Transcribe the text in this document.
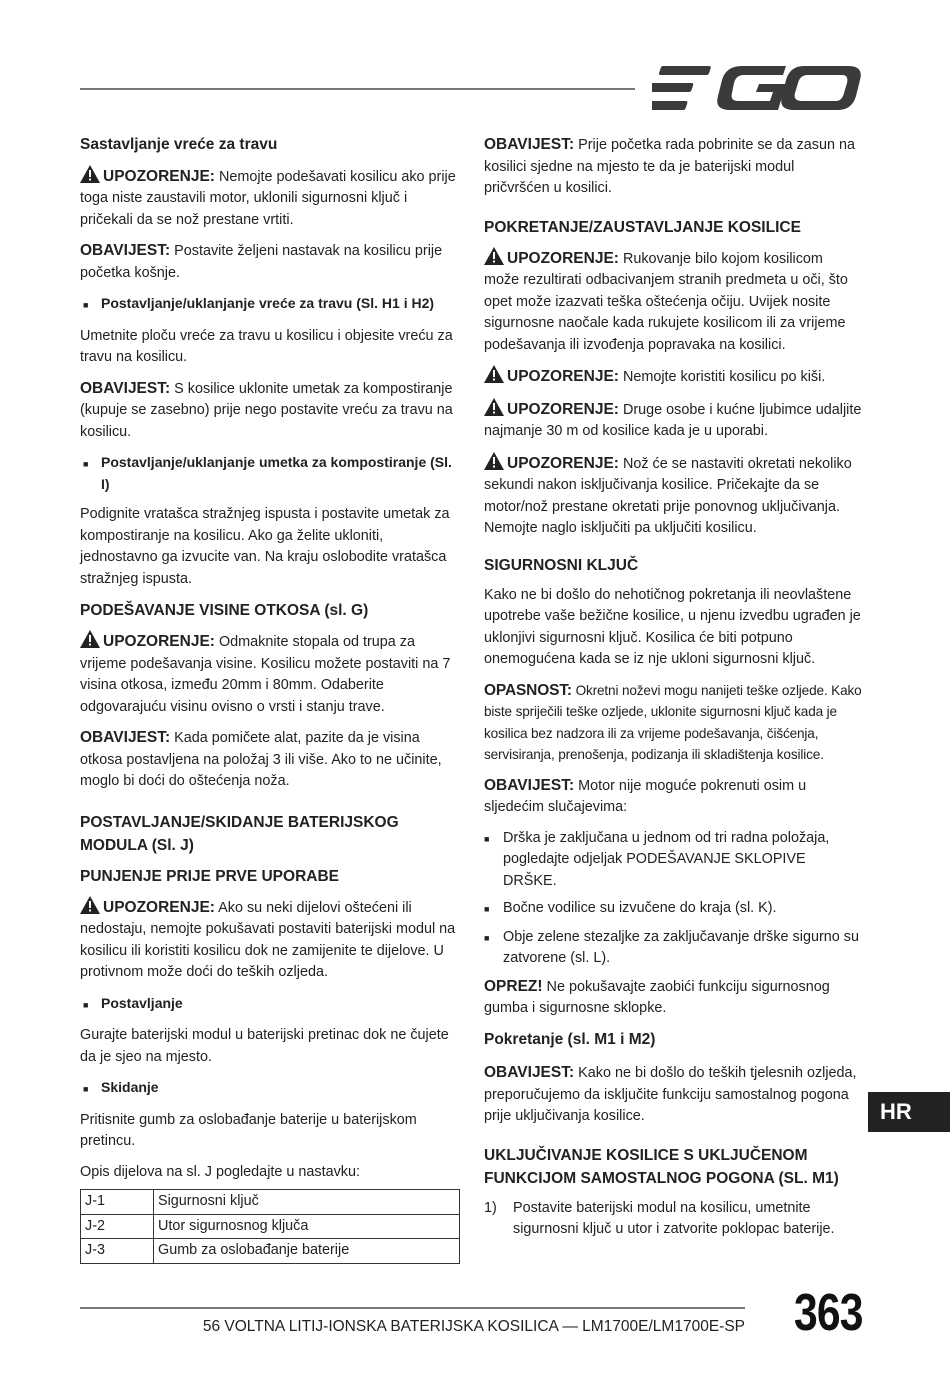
Sastavljanje vreće za travu

UPOZORENJE: Nemojte podešavati kosilicu ako prije toga niste zaustavili motor, uklonili sigurnosni ključ i pričekali da se nož prestane vrtiti.

OBAVIJEST: Postavite željeni nastavak na kosilicu prije početka košnje.

■ Postavljanje/uklanjanje vreće za travu (Sl. H1 i H2)

Umetnite ploču vreće za travu u kosilicu i objesite vreću za travu na kosilicu.

OBAVIJEST: S kosilice uklonite umetak za kompostiranje (kupuje se zasebno) prije nego postavite vreću za travu na kosilicu.

■ Postavljanje/uklanjanje umetka za kompostiranje (Sl. I)

Podignite vratašca stražnjeg ispusta i postavite umetak za kompostiranje na kosilicu. Ako ga želite ukloniti, jednostavno ga izvucite van. Na kraju oslobodite vratašca stražnjeg ispusta.

PODEŠAVANJE VISINE OTKOSA (sl. G)

UPOZORENJE: Odmaknite stopala od trupa za vrijeme podešavanja visine. Kosilicu možete postaviti na 7 visina otkosa, između 20mm i 80mm. Odaberite odgovarajuću visinu ovisno o vrsti i stanju trave.

OBAVIJEST: Kada pomičete alat, pazite da je visina otkosa postavljena na položaj 3 ili više. Ako to ne učinite, moglo bi doći do oštećenja noža.

POSTAVLJANJE/SKIDANJE BATERIJSKOG MODULA (Sl. J)
PUNJENJE PRIJE PRVE UPORABE

UPOZORENJE: Ako su neki dijelovi oštećeni ili nedostaju, nemojte pokušavati postaviti baterijski modul na kosilicu ili koristiti kosilicu dok ne zamijenite te dijelove. U protivnom može doći do teških ozljeda.

■ Postavljanje

Gurajte baterijski modul u baterijski pretinac dok ne čujete da je sjeo na mjesto.

■ Skidanje

Pritisnite gumb za oslobađanje baterije u baterijskom pretincu.

Opis dijelova na sl. J pogledajte u nastavku:

J-1	Sigurnosni ključ
J-2	Utor sigurnosnog ključa
J-3	Gumb za oslobađanje baterije

OBAVIJEST: Prije početka rada pobrinite se da zasun na kosilici sjedne na mjesto te da je baterijski modul pričvršćen u kosilici.

POKRETANJE/ZAUSTAVLJANJE KOSILICE

UPOZORENJE: Rukovanje bilo kojom kosilicom može rezultirati odbacivanjem stranih predmeta u oči, što opet može izazvati teška oštećenja očiju. Uvijek nosite sigurnosne naočale kada rukujete kosilicom ili za vrijeme podešavanja ili izvođenja popravaka na kosilici.

UPOZORENJE: Nemojte koristiti kosilicu po kiši.

UPOZORENJE: Druge osobe i kućne ljubimce udaljite najmanje 30 m od kosilice kada je u uporabi.

UPOZORENJE: Nož će se nastaviti okretati nekoliko sekundi nakon isključivanja kosilice. Pričekajte da se motor/nož prestane okretati prije ponovnog uključivanja. Nemojte naglo isključiti pa uključiti kosilicu.

SIGURNOSNI KLJUČ

Kako ne bi došlo do nehotičnog pokretanja ili neovlaštene upotrebe vaše bežične kosilice, u njenu izvedbu ugrađen je uklonjivi sigurnosni ključ. Kosilica će biti potpuno onemogućena kada se iz nje ukloni sigurnosni ključ.

OPASNOST: Okretni noževi mogu nanijeti teške ozljede. Kako biste spriječili teške ozljede, uklonite sigurnosni ključ kada je kosilica bez nadzora ili za vrijeme podešavanja, čišćenja, servisiranja, prenošenja, podizanja ili skladištenja kosilice.

OBAVIJEST: Motor nije moguće pokrenuti osim u sljedećim slučajevima:

■ Drška je zaključana u jednom od tri radna položaja, pogledajte odjeljak PODEŠAVANJE SKLOPIVE DRŠKE.
■ Bočne vodilice su izvučene do kraja (sl. K).
■ Obje zelene stezaljke za zaključavanje drške sigurno su zatvorene (sl. L).

OPREZ! Ne pokušavajte zaobići funkciju sigurnosnog gumba i sigurnosne sklopke.

Pokretanje (sl. M1 i M2)

OBAVIJEST: Kako ne bi došlo do teških tjelesnih ozljeda, preporučujemo da isključite funkciju samostalnog pogona prije uključivanja kosilice.

UKLJUČIVANJE KOSILICE S UKLJUČENOM FUNKCIJOM SAMOSTALNOG POGONA (SL. M1)
1)	Postavite baterijski modul na kosilicu, umetnite sigurnosni ključ u utor i zatvorite poklopac baterije.
HR
56 VOLTNA LITIJ-IONSKA BATERIJSKA KOSILICA — LM1700E/LM1700E-SP 363
